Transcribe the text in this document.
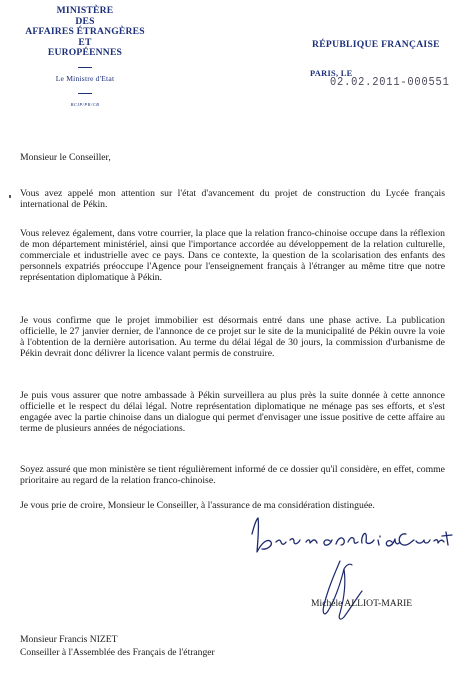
MINISTÈRE
DES
AFFAIRES ÉTRANGÈRES
ET
EUROPÉENNES
Le Ministre d'Etat
BCIP/PR/CB
RÉPUBLIQUE FRANÇAISE
PARIS, LE
02.02.2011-000551
Monsieur le Conseiller,
Vous avez appelé mon attention sur l'état d'avancement du projet de construction du Lycée français international de Pékin.
Vous relevez également, dans votre courrier, la place que la relation franco-chinoise occupe dans la réflexion de mon département ministériel, ainsi que l'importance accordée au développement de la relation culturelle, commerciale et industrielle avec ce pays. Dans ce contexte, la question de la scolarisation des enfants des personnels expatriés préoccupe l'Agence pour l'enseignement français à l'étranger au même titre que notre représentation diplomatique à Pékin.
Je vous confirme que le projet immobilier est désormais entré dans une phase active. La publication officielle, le 27 janvier dernier, de l'annonce de ce projet sur le site de la municipalité de Pékin ouvre la voie à l'obtention de la dernière autorisation. Au terme du délai légal de 30 jours, la commission d'urbanisme de Pékin devrait donc délivrer la licence valant permis de construire.
Je puis vous assurer que notre ambassade à Pékin surveillera au plus près la suite donnée à cette annonce officielle et le respect du délai légal. Notre représentation diplomatique ne ménage pas ses efforts, et s'est engagée avec la partie chinoise dans un dialogue qui permet d'envisager une issue positive de cette affaire au terme de plusieurs années de négociations.
Soyez assuré que mon ministère se tient régulièrement informé de ce dossier qu'il considère, en effet, comme prioritaire au regard de la relation franco-chinoise.
Je vous prie de croire, Monsieur le Conseiller, à l'assurance de ma considération distinguée.
Michèle ALLIOT-MARIE
Monsieur Francis NIZET
Conseiller à l'Assemblée des Français de l'étranger
